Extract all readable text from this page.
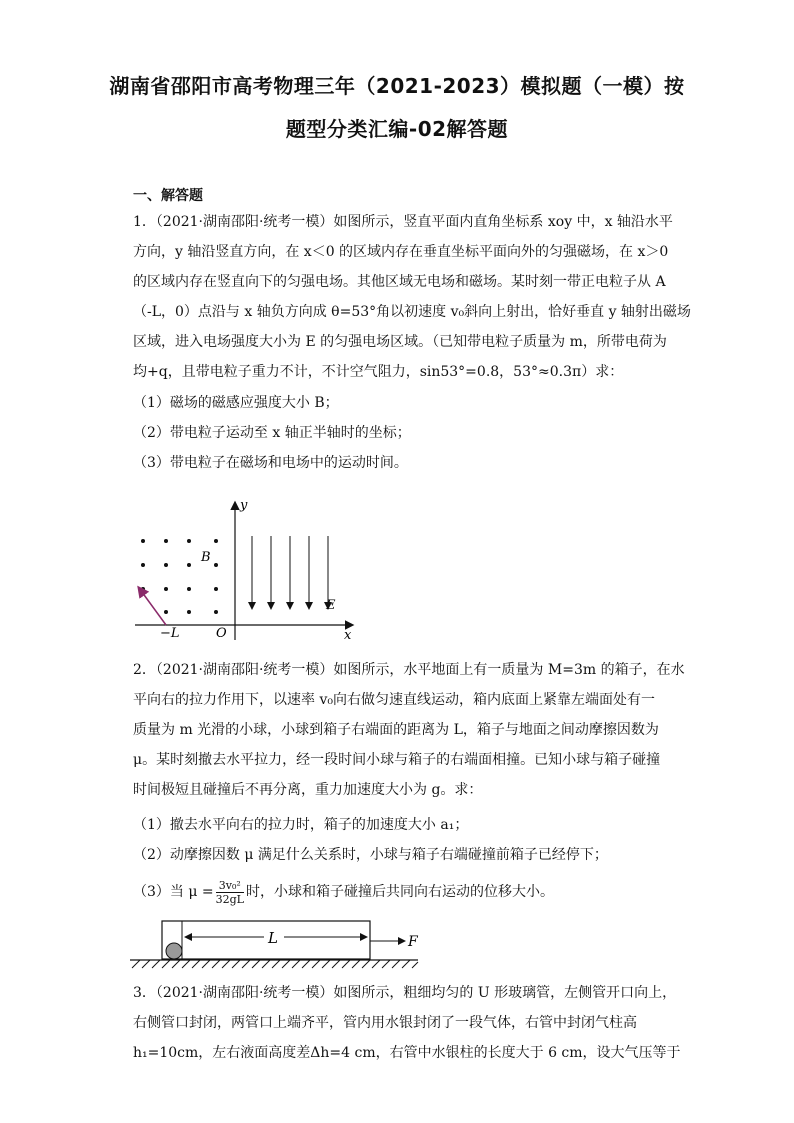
湖南省邵阳市高考物理三年（2021-2023）模拟题（一模）按
题型分类汇编-02解答题
一、解答题
1．（2021·湖南邵阳·统考一模）如图所示，竖直平面内直角坐标系 xoy 中，x 轴沿水平
方向，y 轴沿竖直方向，在 x＜0 的区域内存在垂直坐标平面向外的匀强磁场，在 x＞0
的区域内存在竖直向下的匀强电场。其他区域无电场和磁场。某时刻一带正电粒子从 A
（-L，0）点沿与 x 轴负方向成 θ=53°角以初速度 v₀斜向上射出，恰好垂直 y 轴射出磁场
区域，进入电场强度大小为 E 的匀强电场区域。（已知带电粒子质量为 m，所带电荷为
均+q，且带电粒子重力不计，不计空气阻力，sin53°=0.8，53°≈0.3π）求：
（1）磁场的磁感应强度大小 B；
（2）带电粒子运动至 x 轴正半轴时的坐标；
（3）带电粒子在磁场和电场中的运动时间。
y
x
O
−L
B
E
2．（2021·湖南邵阳·统考一模）如图所示，水平地面上有一质量为 M=3m 的箱子，在水
平向右的拉力作用下，以速率 v₀向右做匀速直线运动，箱内底面上紧靠左端面处有一
质量为 m 光滑的小球，小球到箱子右端面的距离为 L，箱子与地面之间动摩擦因数为
μ。某时刻撤去水平拉力，经一段时间小球与箱子的右端面相撞。已知小球与箱子碰撞
时间极短且碰撞后不再分离，重力加速度大小为 g。求：
（1）撤去水平向右的拉力时，箱子的加速度大小 a₁；
（2）动摩擦因数 μ 满足什么关系时，小球与箱子右端碰撞前箱子已经停下；
（3）当 $\mu = \frac{\text{3v₀²}}{32gL}$ 时，小球和箱子碰撞后共同向右运动的位移大小。
L	F
3．（2021·湖南邵阳·统考一模）如图所示，粗细均匀的 U 形玻璃管，左侧管开口向上，
右侧管口封闭，两管口上端齐平，管内用水银封闭了一段气体，右管中封闭气柱高
h₁=10cm，左右液面高度差Δh=4 cm，右管中水银柱的长度大于 6 cm，设大气压等于
